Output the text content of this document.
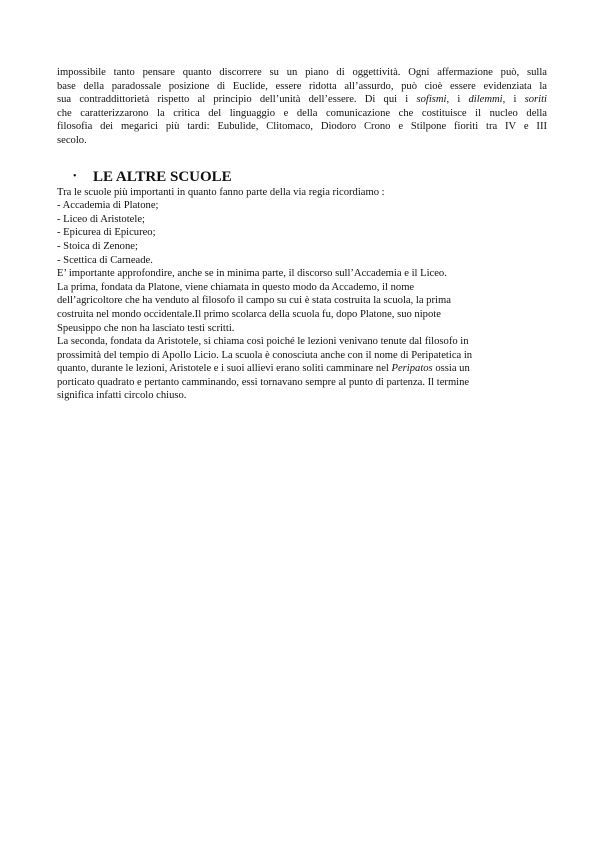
impossibile tanto pensare quanto discorrere su un piano di oggettività. Ogni affermazione può, sulla
base della paradossale posizione di Euclide, essere ridotta all’assurdo, può cioè essere evidenziata la
sua contraddittorietà rispetto al principio dell’unità dell’essere. Di qui i sofismi, i dilemmi, i soriti
che caratterizzarono la critica del linguaggio e della comunicazione che costituisce il nucleo della
filosofia dei megarici più tardi: Eubulide, Clitomaco, Diodoro Crono e Stilpone fioriti tra IV e III
secolo.
• LE ALTRE SCUOLE
Tra le scuole più importanti in quanto fanno parte della via regia ricordiamo :
- Accademia di Platone;
- Liceo di Aristotele;
- Epicurea di Epicureo;
- Stoica di Zenone;
- Scettica di Carneade.
E’ importante approfondire, anche se in minima parte, il discorso sull’Accademia e il Liceo.
La prima, fondata da Platone, viene chiamata in questo modo da Accademo, il nome
dell’agricoltore che ha venduto al filosofo il campo su cui è stata costruita la scuola, la prima
costruita nel mondo occidentale.Il primo scolarca della scuola fu, dopo Platone, suo nipote
Speusippo che non ha lasciato testi scritti.
La seconda, fondata da Aristotele, si chiama così poiché le lezioni venivano tenute dal filosofo in
prossimità del tempio di Apollo Licio. La scuola è conosciuta anche con il nome di Peripatetica in
quanto, durante le lezioni, Aristotele e i suoi allievi erano soliti camminare nel Peripatos ossia un
porticato quadrato e pertanto camminando, essi tornavano sempre al punto di partenza. Il termine
significa infatti circolo chiuso.
